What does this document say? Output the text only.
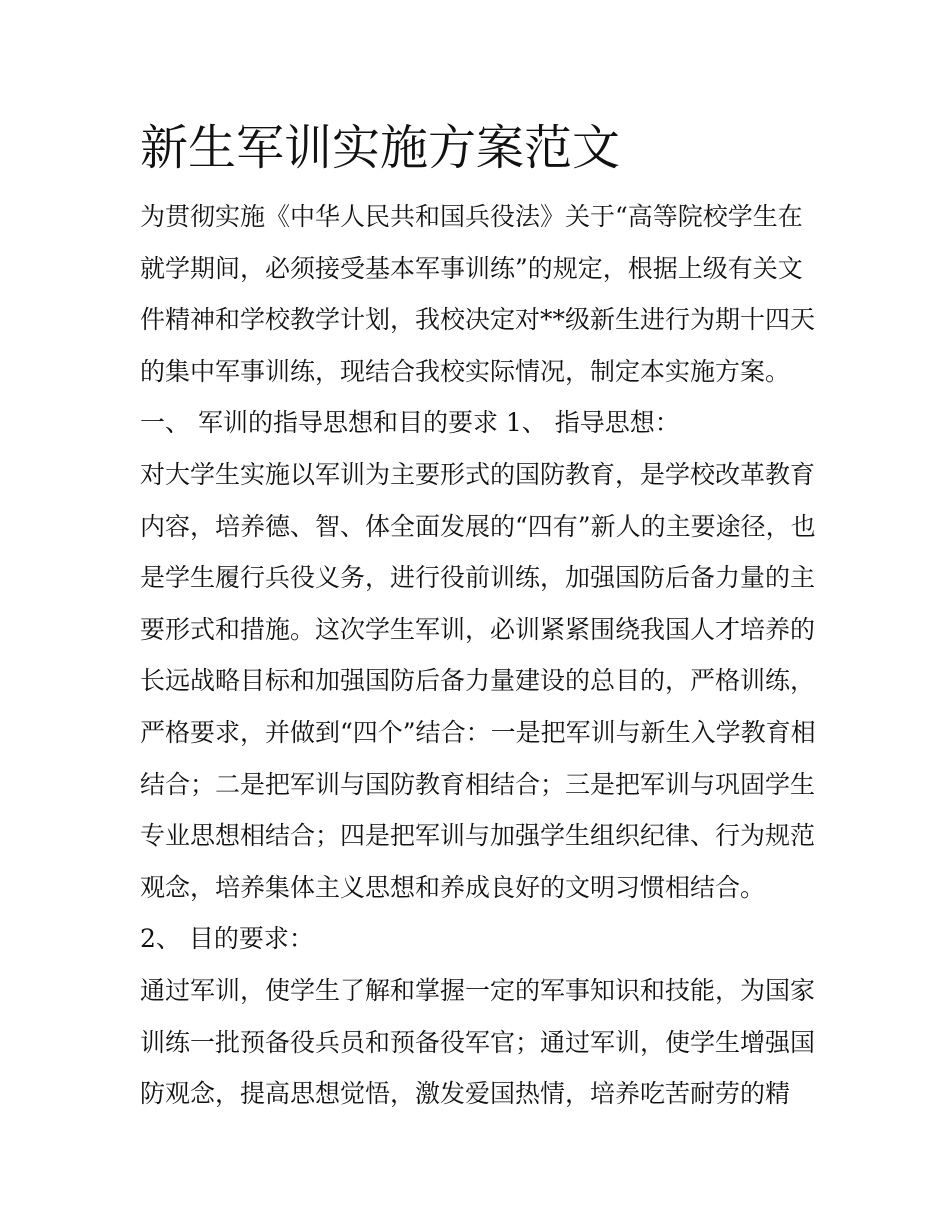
新生军训实施方案范文
为贯彻实施《中华人民共和国兵役法》关于“高等院校学生在
就学期间，必须接受基本军事训练”的规定，根据上级有关文
件精神和学校教学计划，我校决定对**级新生进行为期十四天
的集中军事训练，现结合我校实际情况，制定本实施方案。
一、 军训的指导思想和目的要求 1、 指导思想：
对大学生实施以军训为主要形式的国防教育，是学校改革教育
内容，培养德、智、体全面发展的“四有”新人的主要途径，也
是学生履行兵役义务，进行役前训练，加强国防后备力量的主
要形式和措施。这次学生军训，必训紧紧围绕我国人才培养的
长远战略目标和加强国防后备力量建设的总目的，严格训练，
严格要求，并做到“四个”结合：一是把军训与新生入学教育相
结合；二是把军训与国防教育相结合；三是把军训与巩固学生
专业思想相结合；四是把军训与加强学生组织纪律、行为规范
观念，培养集体主义思想和养成良好的文明习惯相结合。
2、 目的要求：
通过军训，使学生了解和掌握一定的军事知识和技能，为国家
训练一批预备役兵员和预备役军官；通过军训，使学生增强国
防观念，提高思想觉悟，激发爱国热情，培养吃苦耐劳的精
